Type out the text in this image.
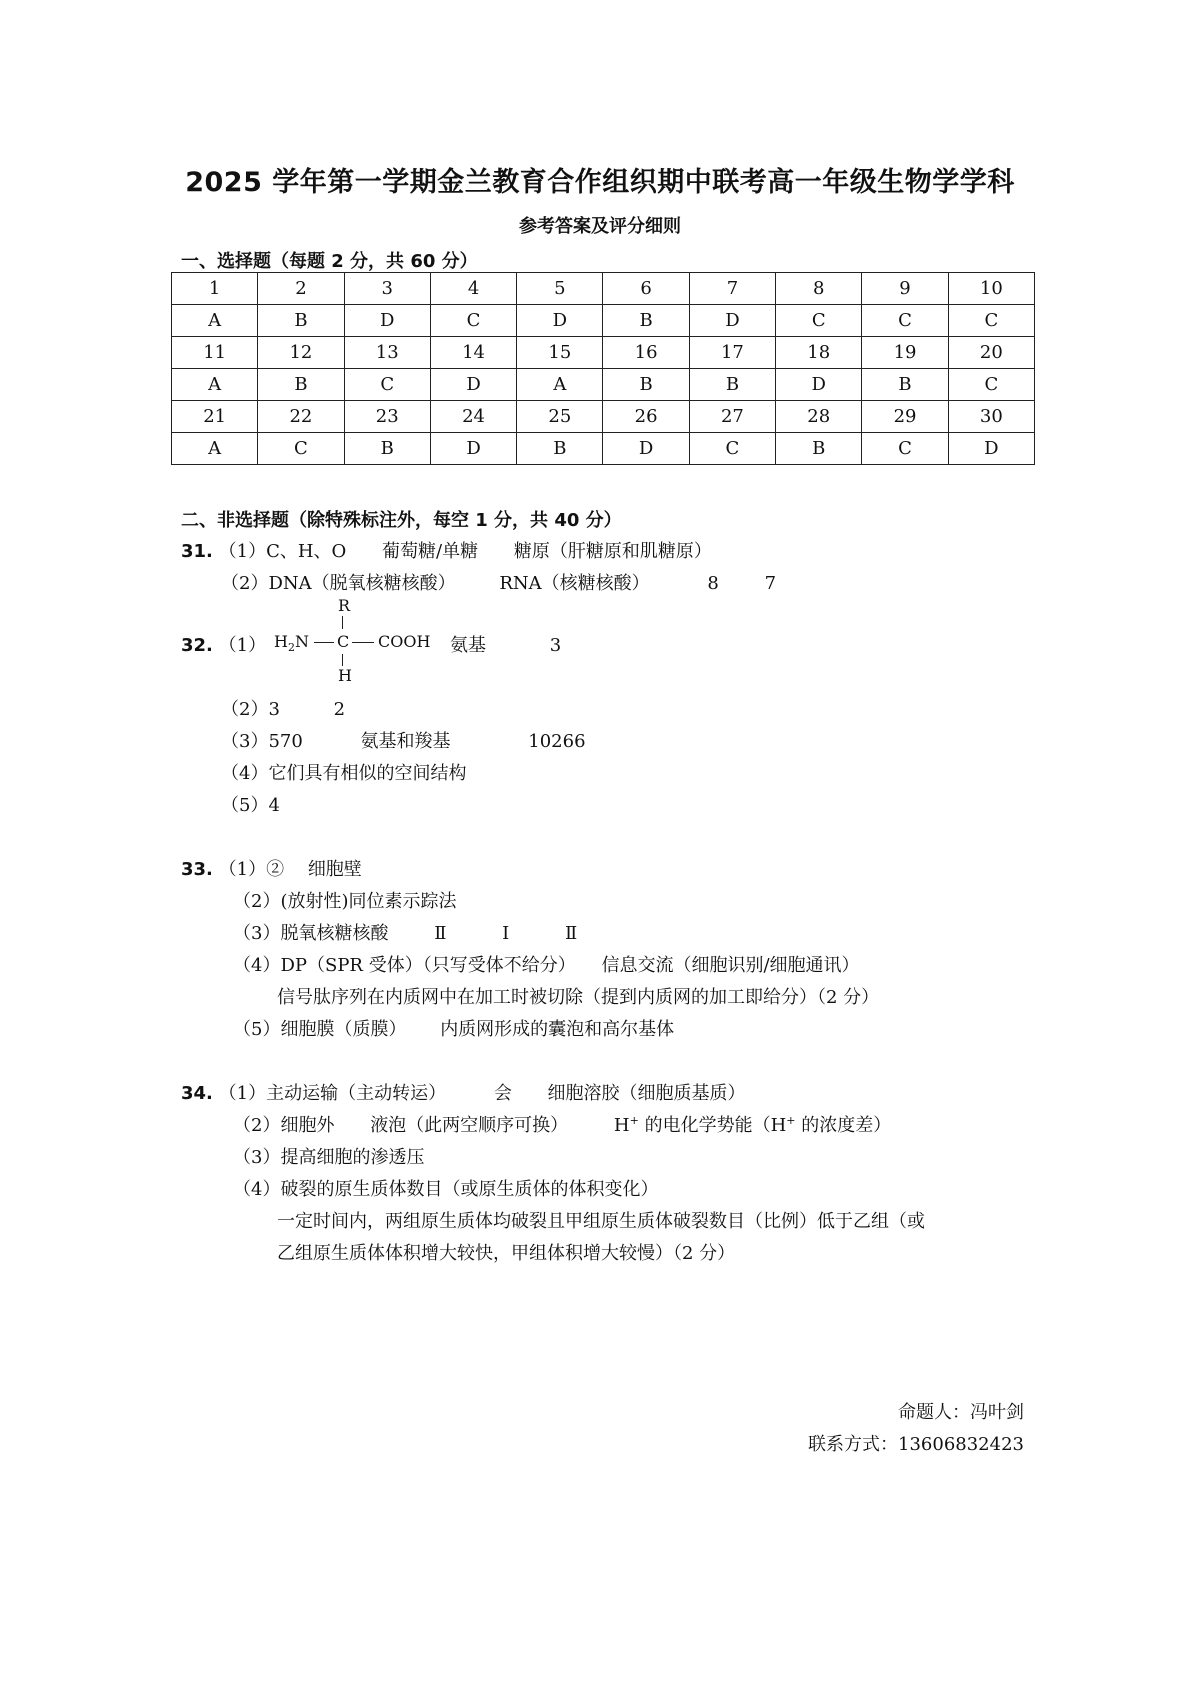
2025 学年第一学期金兰教育合作组织期中联考高一年级生物学学科
参考答案及评分细则
一、选择题（每题 2 分，共 60 分）
1	2	3	4	5	6	7	8	9	10
A	B	D	C	D	B	D	C	C	C
11	12	13	14	15	16	17	18	19	20
A	B	C	D	A	B	B	D	B	C
21	22	23	24	25	26	27	28	29	30
A	C	B	D	B	D	C	B	C	D
二、非选择题（除特殊标注外，每空 1 分，共 40 分）
31. （1）C、H、O 葡萄糖/单糖 糖原（肝糖原和肌糖原）
（2）DNA（脱氧核糖核酸） RNA（核糖核酸）	8	7
32. （1）
R
$H_2N$ C COOH
H
氨基	3
（2）3	2
（3）570	氨基和羧基	10266
（4）它们具有相似的空间结构
（5）4
33. （1）② 细胞壁
（2）(放射性)同位素示踪法
（3）脱氧核糖核酸	Ⅱ	Ⅰ	Ⅱ
（4）DP（SPR 受体）（只写受体不给分） 信息交流（细胞识别/细胞通讯）
信号肽序列在内质网中在加工时被切除（提到内质网的加工即给分）（2 分）
（5）细胞膜（质膜） 内质网形成的囊泡和高尔基体
34. （1）主动运输（主动转运）	会 细胞溶胶（细胞质基质）
（2）细胞外 液泡（此两空顺序可换）	H+ 的电化学势能（H+ 的浓度差）
（3）提高细胞的渗透压
（4）破裂的原生质体数目（或原生质体的体积变化）
一定时间内，两组原生质体均破裂且甲组原生质体破裂数目（比例）低于乙组（或
乙组原生质体体积增大较快，甲组体积增大较慢）（2 分）
命题人：冯叶剑
联系方式：13606832423
